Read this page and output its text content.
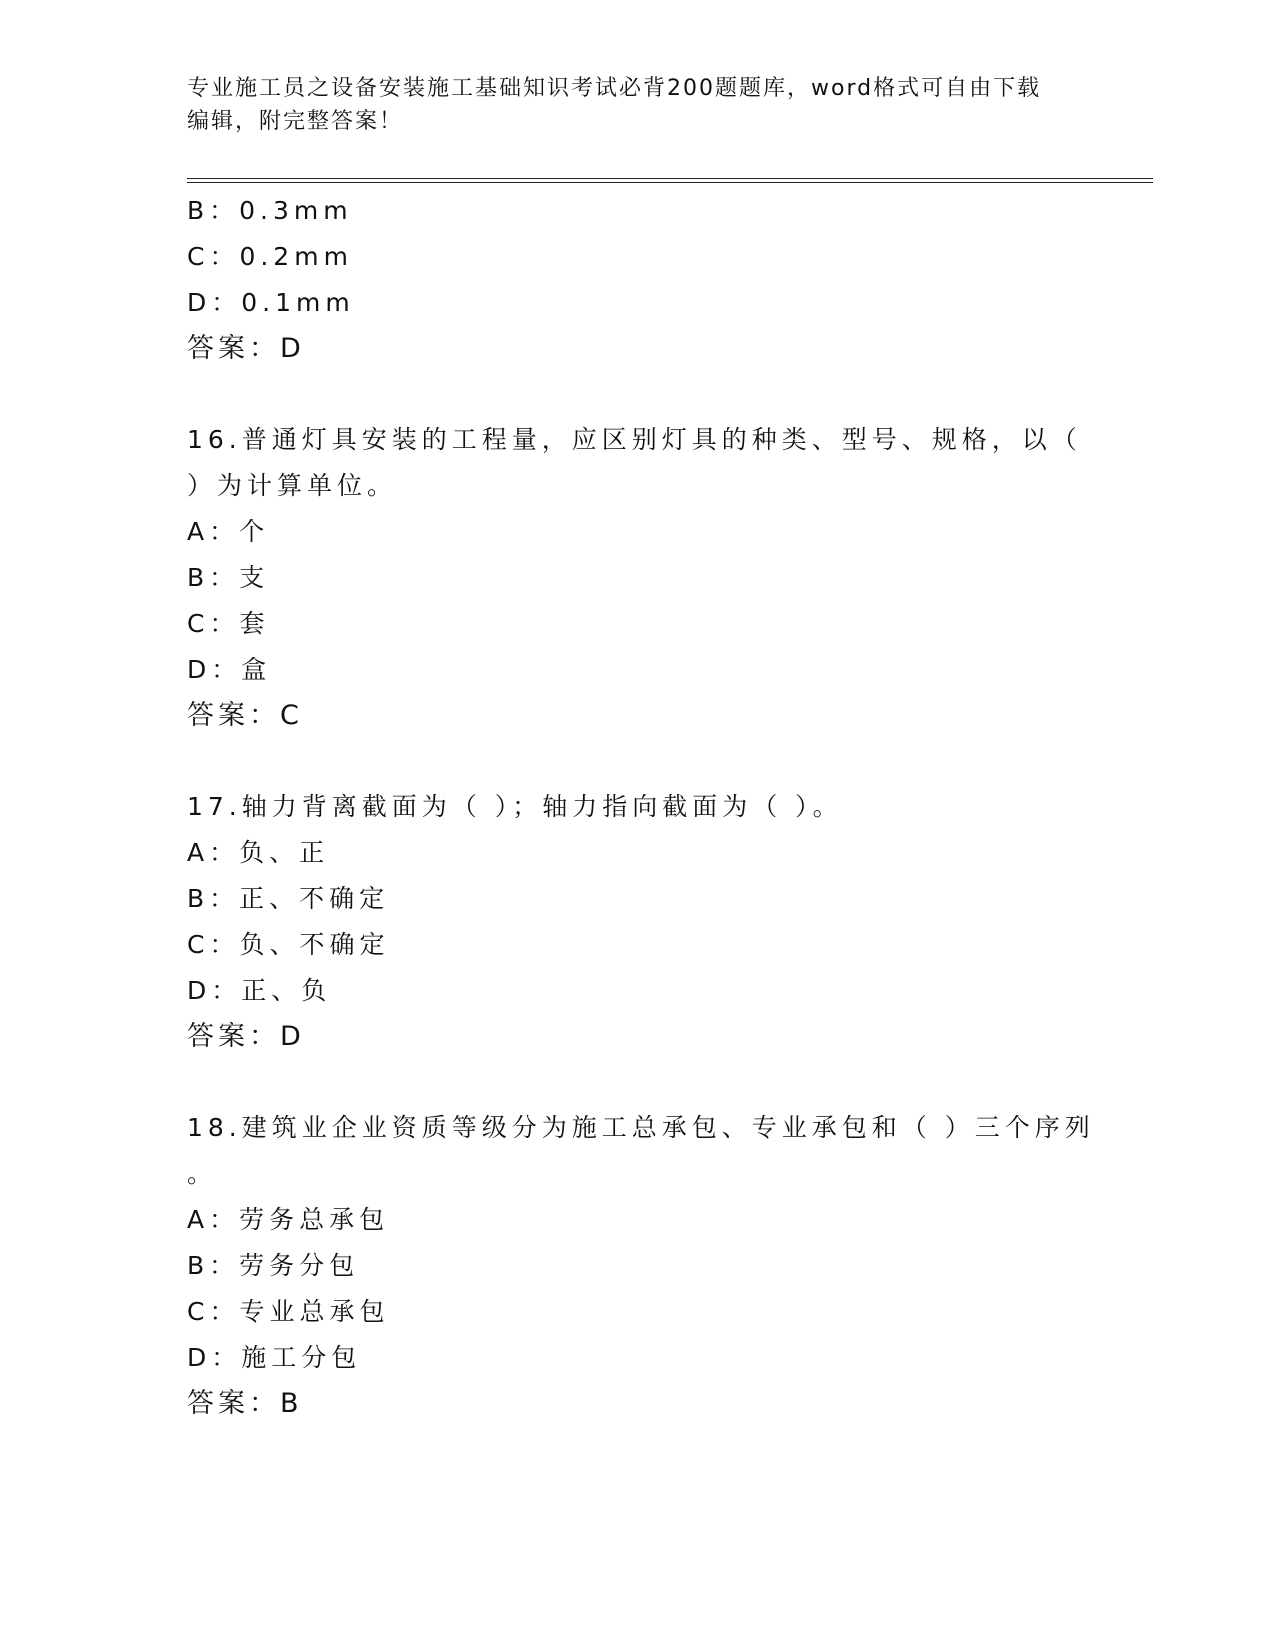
专业施工员之设备安装施工基础知识考试必背200题题库，word格式可自由下载
编辑，附完整答案！
B：0.3mm
C：0.2mm
D：0.1mm
答案：D
16.普通灯具安装的工程量，应区别灯具的种类、型号、规格，以（
）为计算单位。
A：个
B：支
C：套
D：盒
答案：C
17.轴力背离截面为（ ）；轴力指向截面为（ ）。
A：负、正
B：正、不确定
C：负、不确定
D：正、负
答案：D
18.建筑业企业资质等级分为施工总承包、专业承包和（ ）三个序列
。
A：劳务总承包
B：劳务分包
C：专业总承包
D：施工分包
答案：B
